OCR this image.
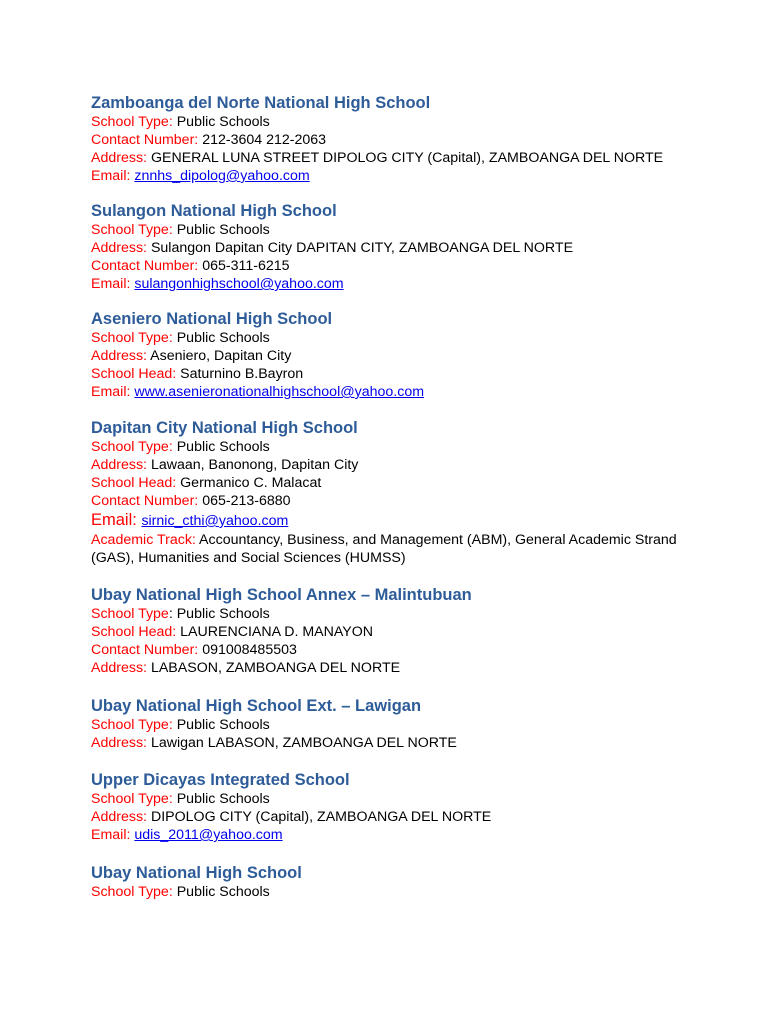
Zamboanga del Norte National High School

School Type: Public Schools

Contact Number: 212-3604 212-2063

Address: GENERAL LUNA STREET DIPOLOG CITY (Capital), ZAMBOANGA DEL NORTE

Email: znnhs_dipolog@yahoo.com

Sulangon National High School

School Type: Public Schools

Address: Sulangon Dapitan City DAPITAN CITY, ZAMBOANGA DEL NORTE

Contact Number: 065-311-6215

Email: sulangonhighschool@yahoo.com

Aseniero National High School

School Type: Public Schools

Address: Aseniero, Dapitan City

School Head: Saturnino B.Bayron

Email: www.asenieronationalhighschool@yahoo.com

Dapitan City National High School

School Type: Public Schools

Address: Lawaan, Banonong, Dapitan City

School Head: Germanico C. Malacat

Contact Number: 065-213-6880

Email: sirnic_cthi@yahoo.com

Academic Track: Accountancy, Business, and Management (ABM), General Academic Strand (GAS), Humanities and Social Sciences (HUMSS)

Ubay National High School Annex – Malintubuan

School Type: Public Schools

School Head: LAURENCIANA D. MANAYON

Contact Number: 091008485503

Address: LABASON, ZAMBOANGA DEL NORTE

Ubay National High School Ext. – Lawigan

School Type: Public Schools

Address: Lawigan LABASON, ZAMBOANGA DEL NORTE

Upper Dicayas Integrated School

School Type: Public Schools

Address: DIPOLOG CITY (Capital), ZAMBOANGA DEL NORTE

Email: udis_2011@yahoo.com

Ubay National High School

School Type: Public Schools
